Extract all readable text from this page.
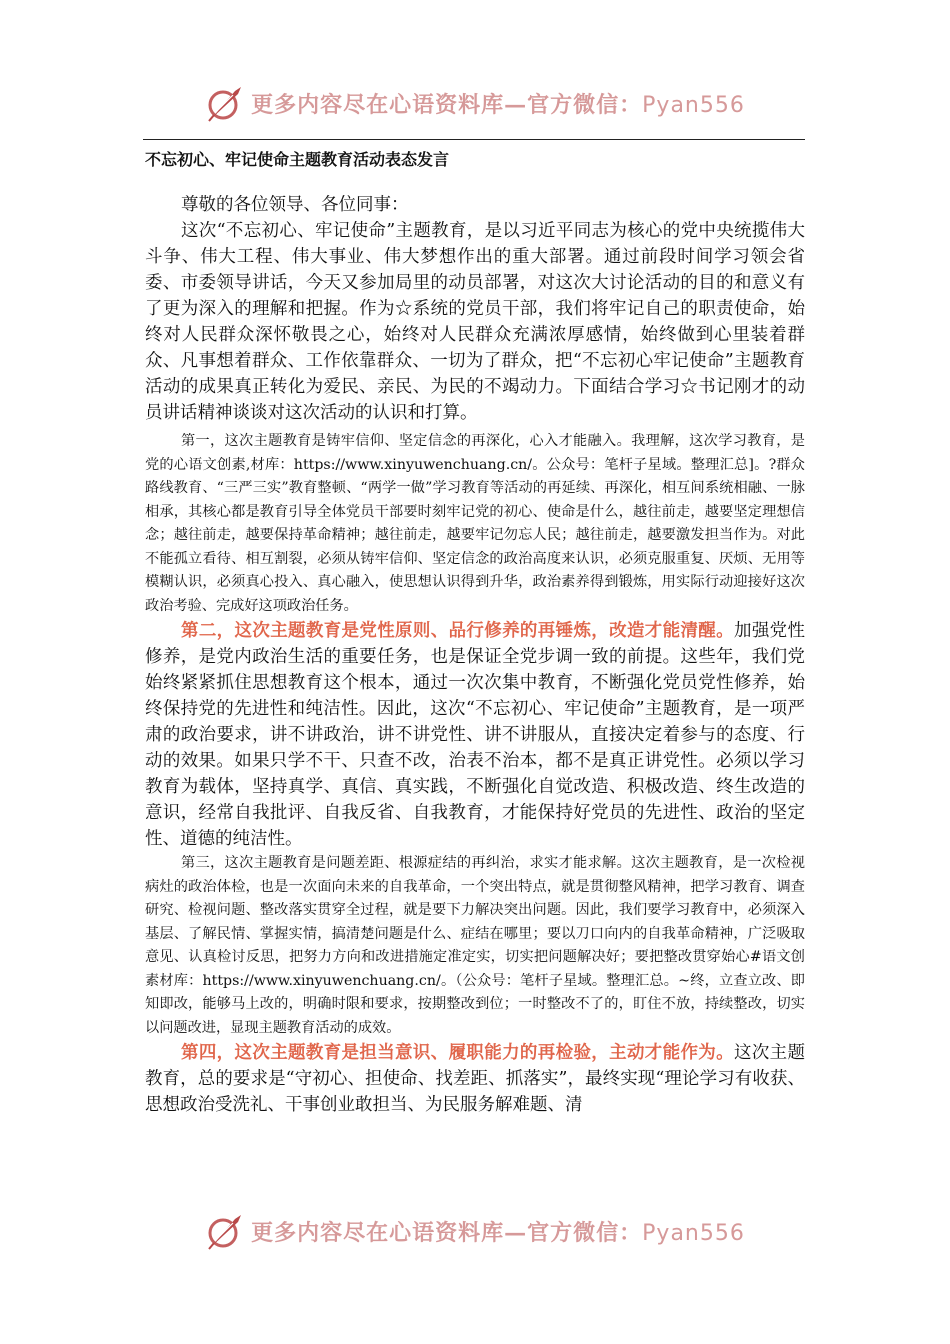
更多内容尽在心语资料库—官方微信：Pyan556
不忘初心、牢记使命主题教育活动表态发言

尊敬的各位领导、各位同事：

这次“不忘初心、牢记使命”主题教育，是以习近平同志为核心的党中央统揽伟大斗争、伟大工程、伟大事业、伟大梦想作出的重大部署。通过前段时间学习领会省委、市委领导讲话，今天又参加局里的动员部署，对这次大讨论活动的目的和意义有了更为深入的理解和把握。作为☆系统的党员干部，我们将牢记自己的职责使命，始终对人民群众深怀敬畏之心，始终对人民群众充满浓厚感情，始终做到心里装着群众、凡事想着群众、工作依靠群众、一切为了群众，把“不忘初心牢记使命”主题教育活动的成果真正转化为爱民、亲民、为民的不竭动力。下面结合学习☆书记刚才的动员讲话精神谈谈对这次活动的认识和打算。

第一，这次主题教育是铸牢信仰、坚定信念的再深化，心入才能融入。我理解，这次学习教育，是党的心语文创素,材库：https://www.xinyuwenchuang.cn/。公众号：笔杆子星域。整理汇总]。?群众路线教育、“三严三实”教育整顿、“两学一做”学习教育等活动的再延续、再深化，相互间系统相融、一脉相承，其核心都是教育引导全体党员干部要时刻牢记党的初心、使命是什么，越往前走，越要坚定理想信念；越往前走，越要保持革命精神；越往前走，越要牢记勿忘人民；越往前走，越要激发担当作为。对此不能孤立看待、相互割裂，必须从铸牢信仰、坚定信念的政治高度来认识，必须克服重复、厌烦、无用等模糊认识，必须真心投入、真心融入，使思想认识得到升华，政治素养得到锻炼，用实际行动迎接好这次政治考验、完成好这项政治任务。

第二，这次主题教育是党性原则、品行修养的再锤炼，改造才能清醒。加强党性修养，是党内政治生活的重要任务，也是保证全党步调一致的前提。这些年，我们党始终紧紧抓住思想教育这个根本，通过一次次集中教育，不断强化党员党性修养，始终保持党的先进性和纯洁性。因此，这次“不忘初心、牢记使命”主题教育，是一项严肃的政治要求，讲不讲政治，讲不讲党性、讲不讲服从，直接决定着参与的态度、行动的效果。如果只学不干、只查不改，治表不治本，都不是真正讲党性。必须以学习教育为载体，坚持真学、真信、真实践，不断强化自觉改造、积极改造、终生改造的意识，经常自我批评、自我反省、自我教育，才能保持好党员的先进性、政治的坚定性、道德的纯洁性。

第三，这次主题教育是问题差距、根源症结的再纠治，求实才能求解。这次主题教育，是一次检视病灶的政治体检，也是一次面向未来的自我革命，一个突出特点，就是贯彻整风精神，把学习教育、调查研究、检视问题、整改落实贯穿全过程，就是要下力解决突出问题。因此，我们要学习教育中，必须深入基层、了解民情、掌握实情，搞清楚问题是什么、症结在哪里；要以刀口向内的自我革命精神，广泛吸取意见、认真检讨反思，把努力方向和改进措施定准定实，切实把问题解决好；要把整改贯穿始心#语文创素材库：https://www.xinyuwenchuang.cn/。（公众号：笔杆子星域。整理汇总。~终，立查立改、即知即改，能够马上改的，明确时限和要求，按期整改到位；一时整改不了的，盯住不放，持续整改，切实以问题改进，显现主题教育活动的成效。

第四，这次主题教育是担当意识、履职能力的再检验，主动才能作为。这次主题教育，总的要求是“守初心、担使命、找差距、抓落实”，最终实现“理论学习有收获、思想政治受洗礼、干事创业敢担当、为民服务解难题、清

更多内容尽在心语资料库—官方微信：Pyan556
